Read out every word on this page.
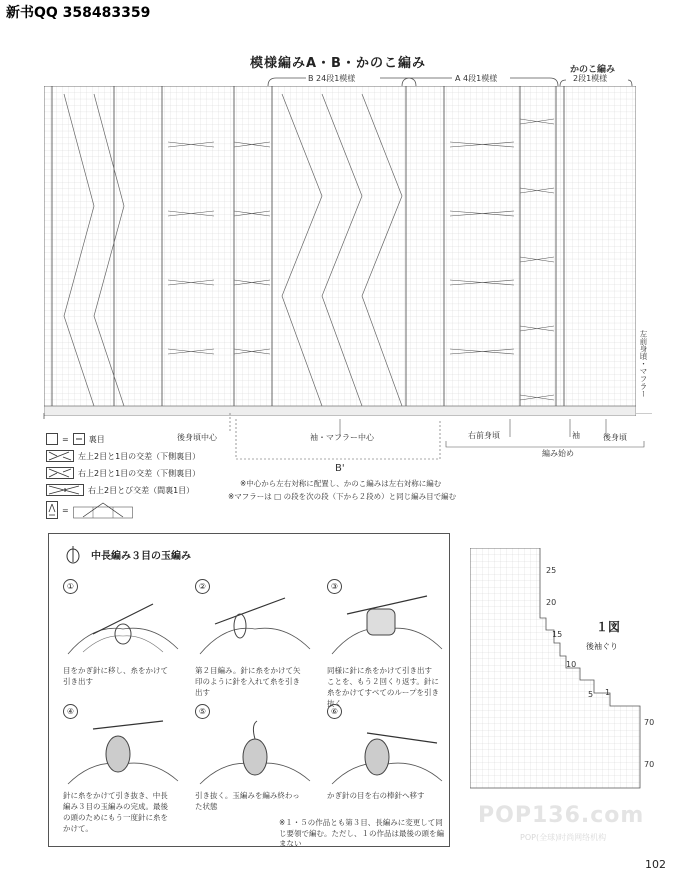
新书QQ 358483359
模様編みA・B・かのこ編み
B 24段1模様	A 4段1模様
かのこ編み
2段1模様
後身頃中心	袖・マフラー中心
B'
右前身頃	袖	後身頃
編み始め
左前身頃・マフラー
=	裏目
左上2目と1目の交差（下側裏目）
右上2目と1目の交差（下側裏目）
右上2目とび交差（間裏1目）
=
※中心から左右対称に配置し、かのこ編みは左右対称に編む
※マフラーは □ の段を次の段（下から２段め）と同じ編み目で編む
中長編み３目の玉編み
①
目をかぎ針に移し、糸をかけて引き出す
②
第２目編み。針に糸をかけて矢印のように針を入れて糸を引き出す
③
同様に針に糸をかけて引き出すことを、もう２回くり返す。針に糸をかけてすべてのループを引き抜く
④
針に糸をかけて引き抜き、中長編み３目の玉編みの完成。最後の頭のためにもう一度針に糸をかけて。
⑤
引き抜く。玉編みを編み終わった状態
⑥
かぎ針の目を右の棒針へ移す
※１・５の作品とも第３目、長編みに変更して同じ要領で編む。ただし、１の作品は最後の頭を編まない
25
20
15
10
5 1
70
70
１図
後袖ぐり
POP136.com
POP(全球)时尚网络机构
102
